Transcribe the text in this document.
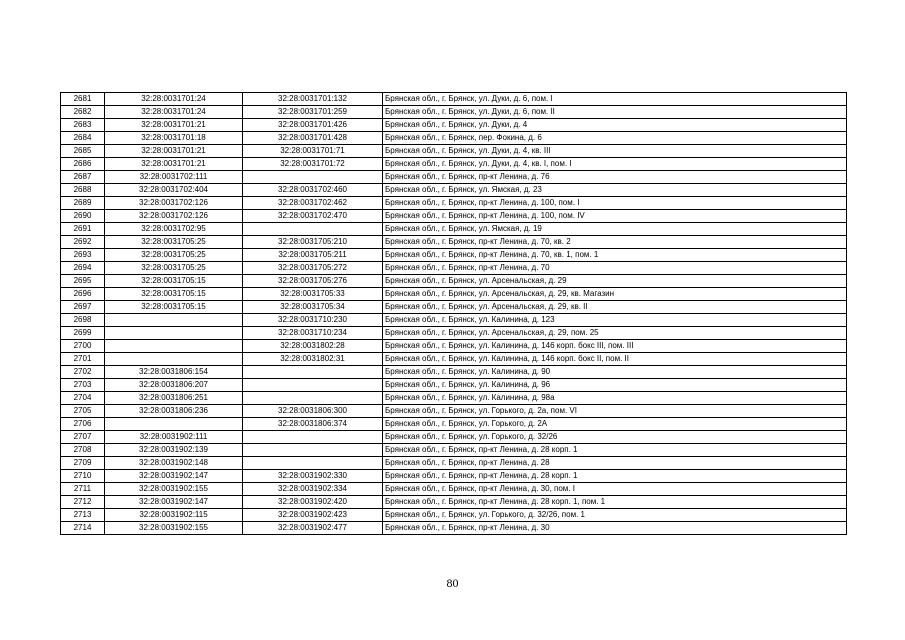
2681	32:28:0031701:24	32:28:0031701:132	Брянская обл., г. Брянск, ул. Дуки, д. 6, пом. I
2682	32:28:0031701:24	32:28:0031701:259	Брянская обл., г. Брянск, ул. Дуки, д. 6, пом. II
2683	32:28:0031701:21	32:28:0031701:426	Брянская обл., г. Брянск, ул. Дуки, д. 4
2684	32:28:0031701:18	32:28:0031701:428	Брянская обл., г. Брянск, пер. Фокина, д. 6
2685	32:28:0031701:21	32:28:0031701:71	Брянская обл., г. Брянск, ул. Дуки, д. 4, кв. III
2686	32:28:0031701:21	32:28:0031701:72	Брянская обл., г. Брянск, ул. Дуки, д. 4, кв. I, пом. I
2687	32:28:0031702:111		Брянская обл., г. Брянск, пр-кт Ленина, д. 76
2688	32:28:0031702:404	32:28:0031702:460	Брянская обл., г. Брянск, ул. Ямская, д. 23
2689	32:28:0031702:126	32:28:0031702:462	Брянская обл., г. Брянск, пр-кт Ленина, д. 100, пом. I
2690	32:28:0031702:126	32:28:0031702:470	Брянская обл., г. Брянск, пр-кт Ленина, д. 100, пом. IV
2691	32:28:0031702:95		Брянская обл., г. Брянск, ул. Ямская, д. 19
2692	32:28:0031705:25	32:28:0031705:210	Брянская обл., г. Брянск, пр-кт Ленина, д. 70, кв. 2
2693	32:28:0031705:25	32:28:0031705:211	Брянская обл., г. Брянск, пр-кт Ленина, д. 70, кв. 1, пом. 1
2694	32:28:0031705:25	32:28:0031705:272	Брянская обл., г. Брянск, пр-кт Ленина, д. 70
2695	32:28:0031705:15	32:28:0031705:276	Брянская обл., г. Брянск, ул. Арсенальская, д. 29
2696	32:28:0031705:15	32:28:0031705:33	Брянская обл., г. Брянск, ул. Арсенальская, д. 29, кв. Магазин
2697	32:28:0031705:15	32:28:0031705:34	Брянская обл., г. Брянск, ул. Арсенальская, д. 29, кв. II
2698		32:28:0031710:230	Брянская обл., г. Брянск, ул. Калинина, д. 123
2699		32:28:0031710:234	Брянская обл., г. Брянск, ул. Арсенальская, д. 29, пом. 25
2700		32:28:0031802:28	Брянская обл., г. Брянск, ул. Калинина, д. 146 корп. бокс III, пом. III
2701		32:28:0031802:31	Брянская обл., г. Брянск, ул. Калинина, д. 146 корп. бокс II, пом. II
2702	32:28:0031806:154		Брянская обл., г. Брянск, ул. Калинина, д. 90
2703	32:28:0031806:207		Брянская обл., г. Брянск, ул. Калинина, д. 96
2704	32:28:0031806:251		Брянская обл., г. Брянск, ул. Калинина, д. 98а
2705	32:28:0031806:236	32:28:0031806:300	Брянская обл., г. Брянск, ул. Горького, д. 2а, пом. VI
2706		32:28:0031806:374	Брянская обл., г. Брянск, ул. Горького, д. 2А
2707	32:28:0031902:111		Брянская обл., г. Брянск, ул. Горького, д. 32/26
2708	32:28:0031902:139		Брянская обл., г. Брянск, пр-кт Ленина, д. 28 корп. 1
2709	32:28:0031902:148		Брянская обл., г. Брянск, пр-кт Ленина, д. 28
2710	32:28:0031902:147	32:28:0031902:330	Брянская обл., г. Брянск, пр-кт Ленина, д. 28 корп. 1
2711	32:28:0031902:155	32:28:0031902:334	Брянская обл., г. Брянск, пр-кт Ленина, д. 30, пом. I
2712	32:28:0031902:147	32:28:0031902:420	Брянская обл., г. Брянск, пр-кт Ленина, д. 28 корп. 1, пом. 1
2713	32:28:0031902:115	32:28:0031902:423	Брянская обл., г. Брянск, ул. Горького, д. 32/26, пом. 1
2714	32:28:0031902:155	32:28:0031902:477	Брянская обл., г. Брянск, пр-кт Ленина, д. 30
80
